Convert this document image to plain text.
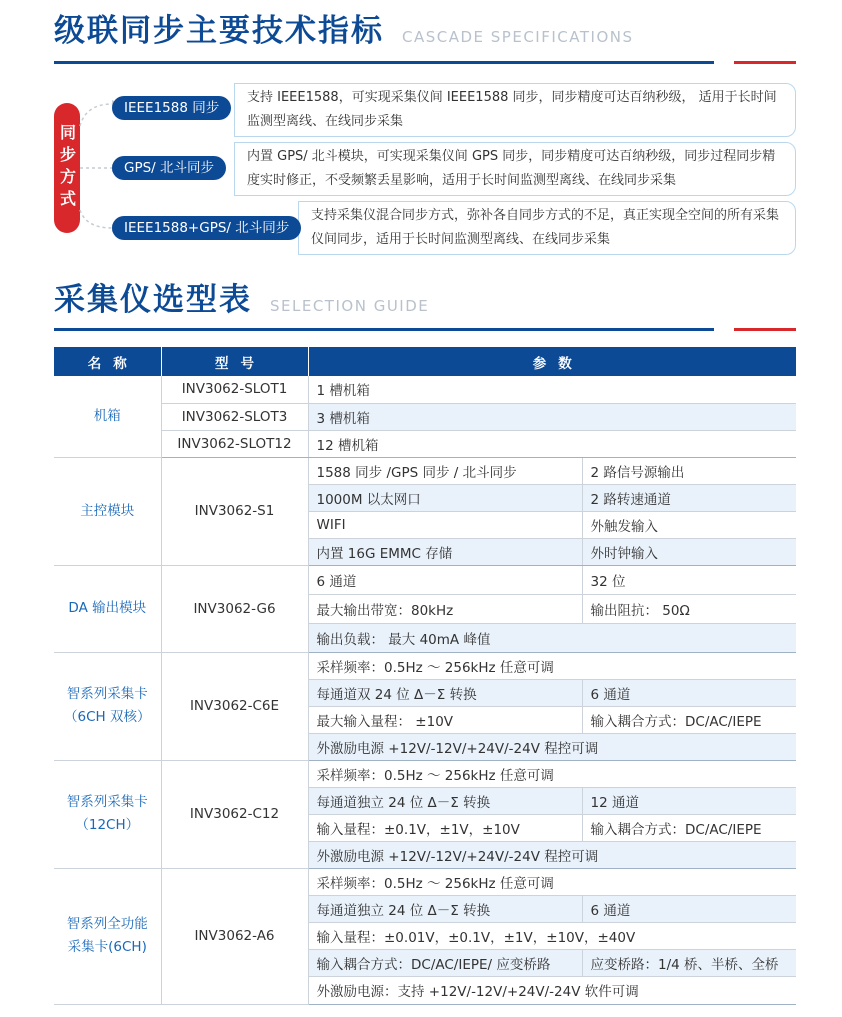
级联同步主要技术指标 CASCADE SPECIFICATIONS
同步方式
IEEE1588 同步

支持 IEEE1588，可实现采集仪间 IEEE1588 同步，同步精度可达百纳秒级， 适用于长时间监测型离线、在线同步采集

GPS/ 北斗同步

内置 GPS/ 北斗模块，可实现采集仪间 GPS 同步，同步精度可达百纳秒级，同步过程同步精度实时修正，不受频繁丢星影响，适用于长时间监测型离线、在线同步采集

IEEE1588+GPS/ 北斗同步

支持采集仪混合同步方式，弥补各自同步方式的不足，真正实现全空间的所有采集仪间同步，适用于长时间监测型离线、在线同步采集

采集仪选型表 SELECTION GUIDE
名称	型号	参数	
机箱	INV3062-SLOT1	1 槽机箱	
	INV3062-SLOT3	3 槽机箱	
	INV3062-SLOT12	12 槽机箱	
主控模块	INV3062-S1	1588 同步 /GPS 同步 / 北斗同步	2 路信号源输出
		1000M 以太网口	2 路转速通道
		WIFI	外触发输入
		内置 16G EMMC 存储	外时钟输入
DA 输出模块	INV3062-G6	6 通道	32 位
		最大输出带宽：80kHz	输出阻抗： 50Ω
		输出负载： 最大 40mA 峰值	
智系列采集卡（6CH 双核）	INV3062-C6E	采样频率：0.5Hz ～ 256kHz 任意可调	
		每通道双 24 位 Δ－Σ 转换	6 通道
		最大输入量程： ±10V	输入耦合方式：DC/AC/IEPE
		外激励电源 +12V/-12V/+24V/-24V 程控可调	
智系列采集卡（12CH）	INV3062-C12	采样频率：0.5Hz ～ 256kHz 任意可调	
		每通道独立 24 位 Δ－Σ 转换	12 通道
		输入量程：±0.1V，±1V，±10V	输入耦合方式：DC/AC/IEPE
		外激励电源 +12V/-12V/+24V/-24V 程控可调	
智系列全功能采集卡(6CH)	INV3062-A6	采样频率：0.5Hz ～ 256kHz 任意可调	
		每通道独立 24 位 Δ－Σ 转换	6 通道
		输入量程：±0.01V，±0.1V，±1V，±10V，±40V	
		输入耦合方式：DC/AC/IEPE/ 应变桥路	应变桥路：1/4 桥、半桥、全桥
		外激励电源：支持 +12V/-12V/+24V/-24V 软件可调	
